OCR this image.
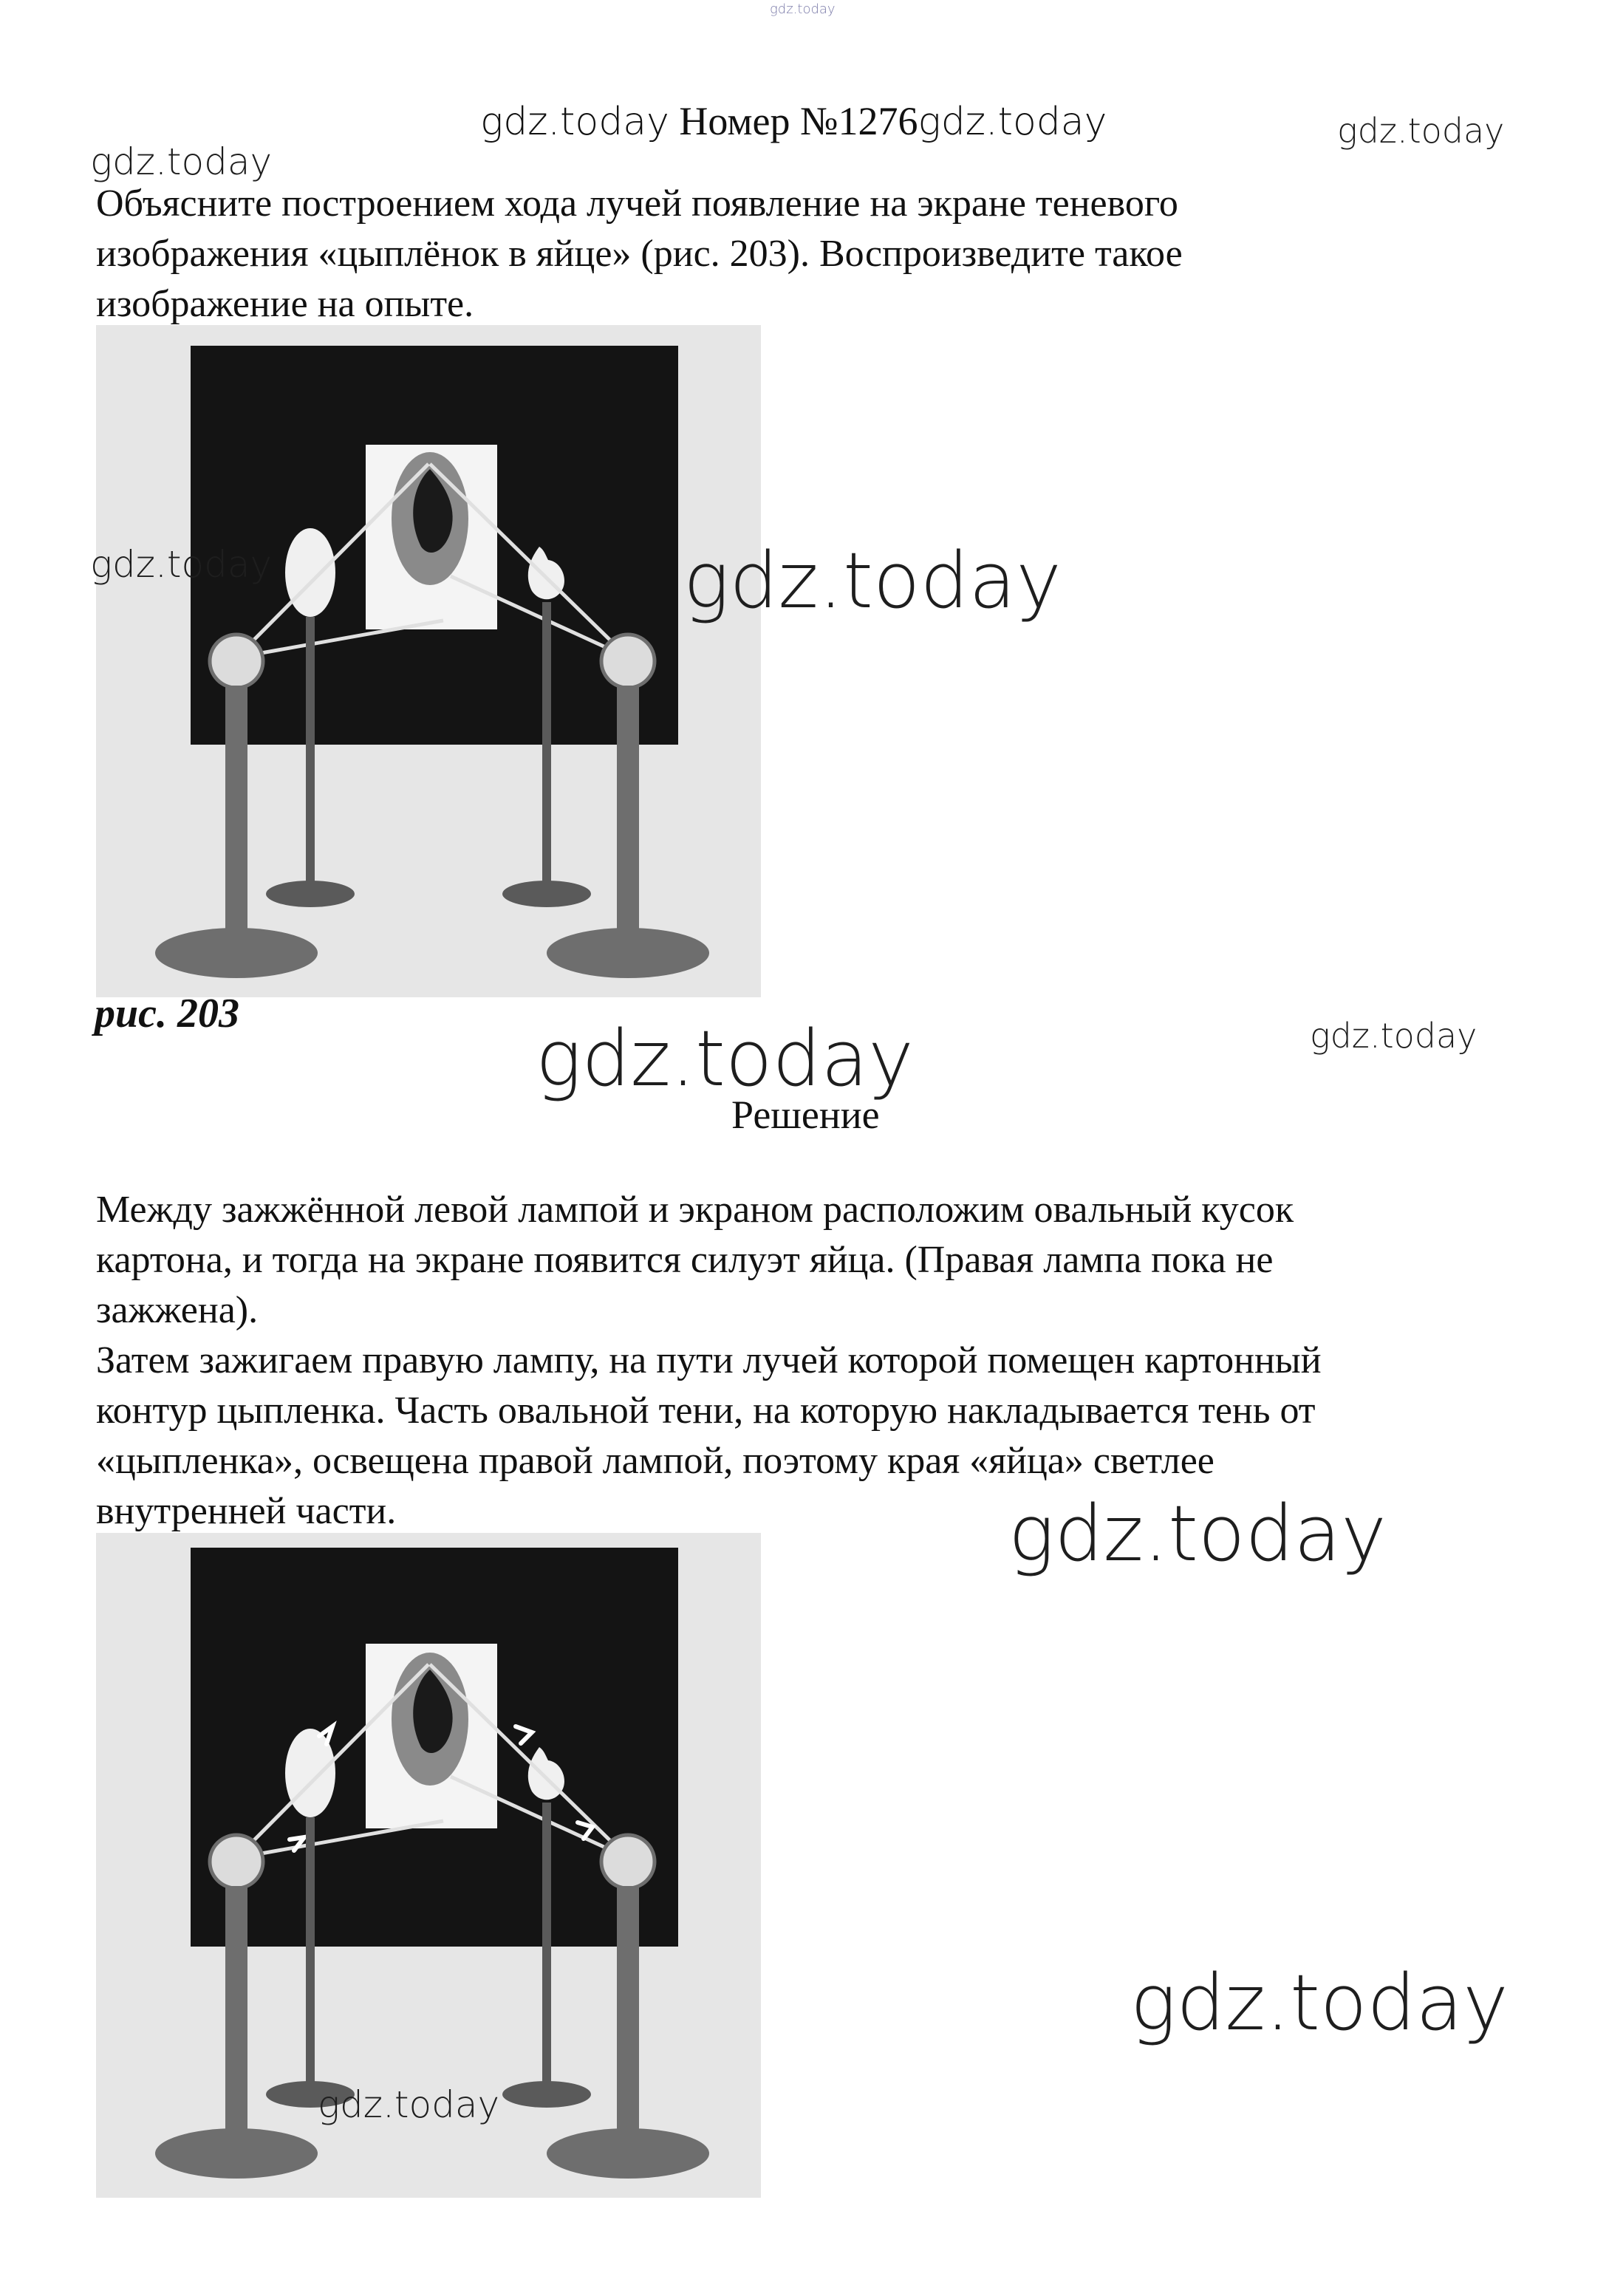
gdz.today
gdz.today
gdz.today
gdz.today Номер №1276gdz.today

Объясните построением хода лучей появление на экране теневого

изображения «цыплёнок в яйце» (рис. 203). Воспроизведите такое

изображение на опыте.

gdz.today	gdz.today
рис. 203	gdz.today	gdz.today
Решение

Между зажжённой левой лампой и экраном расположим овальный кусок

картона, и тогда на экране появится силуэт яйца. (Правая лампа пока не

зажжена).

Затем зажигаем правую лампу, на пути лучей которой помещен картонный

контур цыпленка. Часть овальной тени, на которую накладывается тень от

«цыпленка», освещена правой лампой, поэтому края «яйца» светлее

внутренней части.	gdz.today
gdz.today
gdz.today
